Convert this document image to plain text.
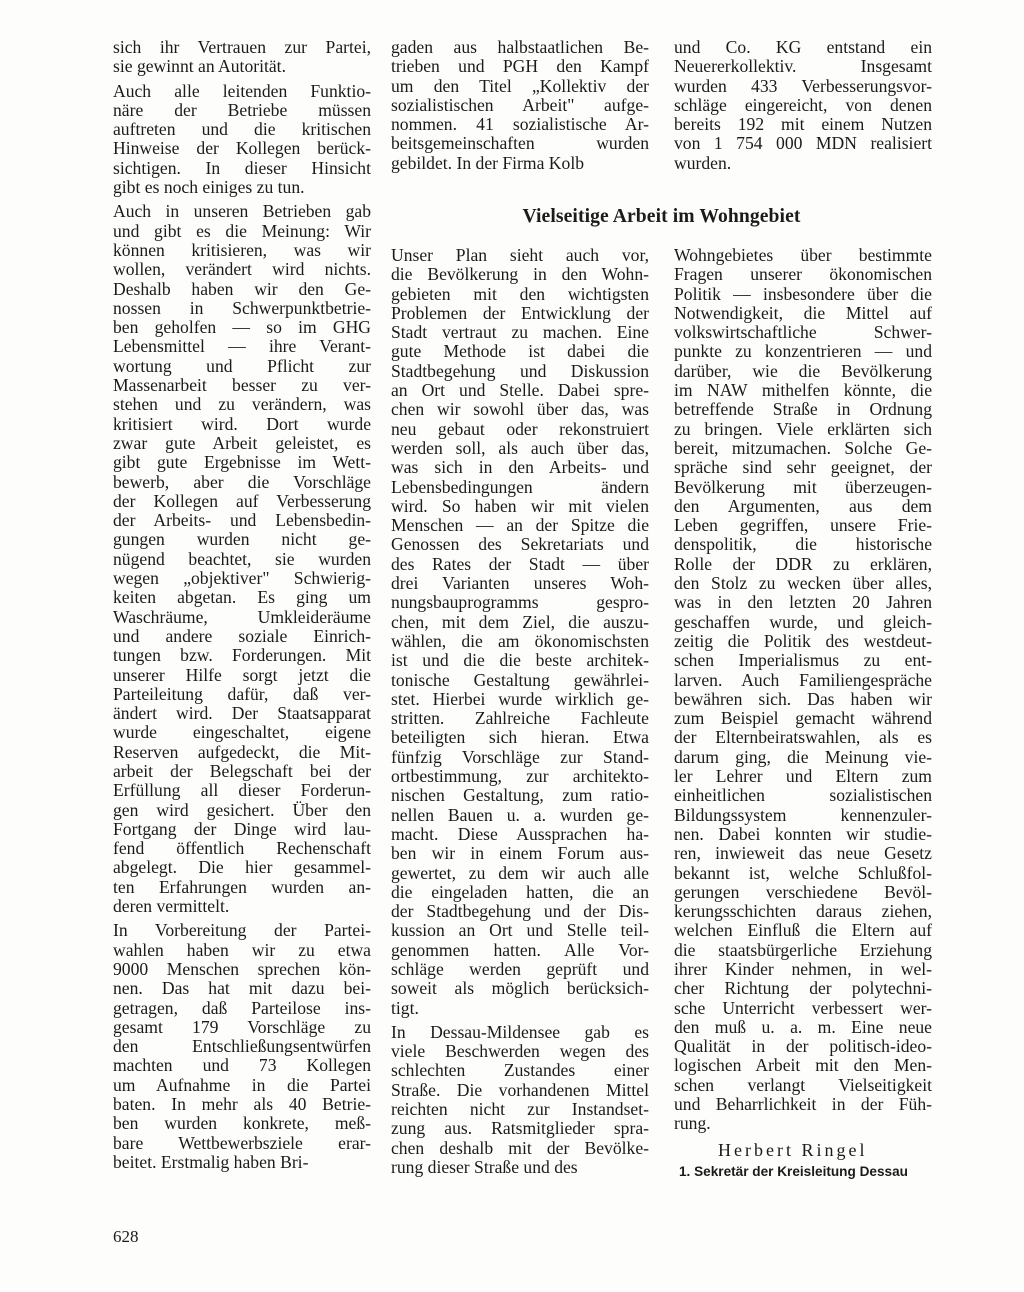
sich ihr Vertrauen zur Partei,
sie gewinnt an Autorität.

Auch alle leitenden Funktio-
näre der Betriebe müssen
auftreten und die kritischen
Hinweise der Kollegen berück-
sichtigen. In dieser Hinsicht
gibt es noch einiges zu tun.

Auch in unseren Betrieben gab
und gibt es die Meinung: Wir
können kritisieren, was wir
wollen, verändert wird nichts.
Deshalb haben wir den Ge-
nossen in Schwerpunktbetrie-
ben geholfen — so im GHG
Lebensmittel — ihre Verant-
wortung und Pflicht zur
Massenarbeit besser zu ver-
stehen und zu verändern, was
kritisiert wird. Dort wurde
zwar gute Arbeit geleistet, es
gibt gute Ergebnisse im Wett-
bewerb, aber die Vorschläge
der Kollegen auf Verbesserung
der Arbeits- und Lebensbedin-
gungen wurden nicht ge-
nügend beachtet, sie wurden
wegen „objektiver" Schwierig-
keiten abgetan. Es ging um
Waschräume, Umkleideräume
und andere soziale Einrich-
tungen bzw. Forderungen. Mit
unserer Hilfe sorgt jetzt die
Parteileitung dafür, daß ver-
ändert wird. Der Staatsapparat
wurde eingeschaltet, eigene
Reserven aufgedeckt, die Mit-
arbeit der Belegschaft bei der
Erfüllung all dieser Forderun-
gen wird gesichert. Über den
Fortgang der Dinge wird lau-
fend öffentlich Rechenschaft
abgelegt. Die hier gesammel-
ten Erfahrungen wurden an-
deren vermittelt.

In Vorbereitung der Partei-
wahlen haben wir zu etwa
9000 Menschen sprechen kön-
nen. Das hat mit dazu bei-
getragen, daß Parteilose ins-
gesamt 179 Vorschläge zu
den Entschließungsentwürfen
machten und 73 Kollegen
um Aufnahme in die Partei
baten. In mehr als 40 Betrie-
ben wurden konkrete, meß-
bare Wettbewerbsziele erar-
beitet. Erstmalig haben Bri-

gaden aus halbstaatlichen Be-
trieben und PGH den Kampf
um den Titel „Kollektiv der
sozialistischen Arbeit" aufge-
nommen. 41 sozialistische Ar-
beitsgemeinschaften wurden
gebildet. In der Firma Kolb

Vielseitige Arbeit im Wohngebiet

Unser Plan sieht auch vor,
die Bevölkerung in den Wohn-
gebieten mit den wichtigsten
Problemen der Entwicklung der
Stadt vertraut zu machen. Eine
gute Methode ist dabei die
Stadtbegehung und Diskussion
an Ort und Stelle. Dabei spre-
chen wir sowohl über das, was
neu gebaut oder rekonstruiert
werden soll, als auch über das,
was sich in den Arbeits- und
Lebensbedingungen ändern
wird. So haben wir mit vielen
Menschen — an der Spitze die
Genossen des Sekretariats und
des Rates der Stadt — über
drei Varianten unseres Woh-
nungsbauprogramms gespro-
chen, mit dem Ziel, die auszu-
wählen, die am ökonomischsten
ist und die die beste architek-
tonische Gestaltung gewährlei-
stet. Hierbei wurde wirklich ge-
stritten. Zahlreiche Fachleute
beteiligten sich hieran. Etwa
fünfzig Vorschläge zur Stand-
ortbestimmung, zur architekto-
nischen Gestaltung, zum ratio-
nellen Bauen u. a. wurden ge-
macht. Diese Aussprachen ha-
ben wir in einem Forum aus-
gewertet, zu dem wir auch alle
die eingeladen hatten, die an
der Stadtbegehung und der Dis-
kussion an Ort und Stelle teil-
genommen hatten. Alle Vor-
schläge werden geprüft und
soweit als möglich berücksich-
tigt.

In Dessau-Mildensee gab es
viele Beschwerden wegen des
schlechten Zustandes einer
Straße. Die vorhandenen Mittel
reichten nicht zur Instandset-
zung aus. Ratsmitglieder spra-
chen deshalb mit der Bevölke-
rung dieser Straße und des

und Co. KG entstand ein
Neuererkollektiv. Insgesamt
wurden 433 Verbesserungsvor-
schläge eingereicht, von denen
bereits 192 mit einem Nutzen
von 1 754 000 MDN realisiert
wurden.

Wohngebietes über bestimmte
Fragen unserer ökonomischen
Politik — insbesondere über die
Notwendigkeit, die Mittel auf
volkswirtschaftliche Schwer-
punkte zu konzentrieren — und
darüber, wie die Bevölkerung
im NAW mithelfen könnte, die
betreffende Straße in Ordnung
zu bringen. Viele erklärten sich
bereit, mitzumachen. Solche Ge-
spräche sind sehr geeignet, der
Bevölkerung mit überzeugen-
den Argumenten, aus dem
Leben gegriffen, unsere Frie-
denspolitik, die historische
Rolle der DDR zu erklären,
den Stolz zu wecken über alles,
was in den letzten 20 Jahren
geschaffen wurde, und gleich-
zeitig die Politik des westdeut-
schen Imperialismus zu ent-
larven. Auch Familiengespräche
bewähren sich. Das haben wir
zum Beispiel gemacht während
der Elternbeiratswahlen, als es
darum ging, die Meinung vie-
ler Lehrer und Eltern zum
einheitlichen sozialistischen
Bildungssystem kennenzuler-
nen. Dabei konnten wir studie-
ren, inwieweit das neue Gesetz
bekannt ist, welche Schlußfol-
gerungen verschiedene Bevöl-
kerungsschichten daraus ziehen,
welchen Einfluß die Eltern auf
die staatsbürgerliche Erziehung
ihrer Kinder nehmen, in wel-
cher Richtung der polytechni-
sche Unterricht verbessert wer-
den muß u. a. m. Eine neue
Qualität in der politisch-ideo-
logischen Arbeit mit den Men-
schen verlangt Vielseitigkeit
und Beharrlichkeit in der Füh-
rung.

Herbert Ringel
1. Sekretär der Kreisleitung Dessau
628
